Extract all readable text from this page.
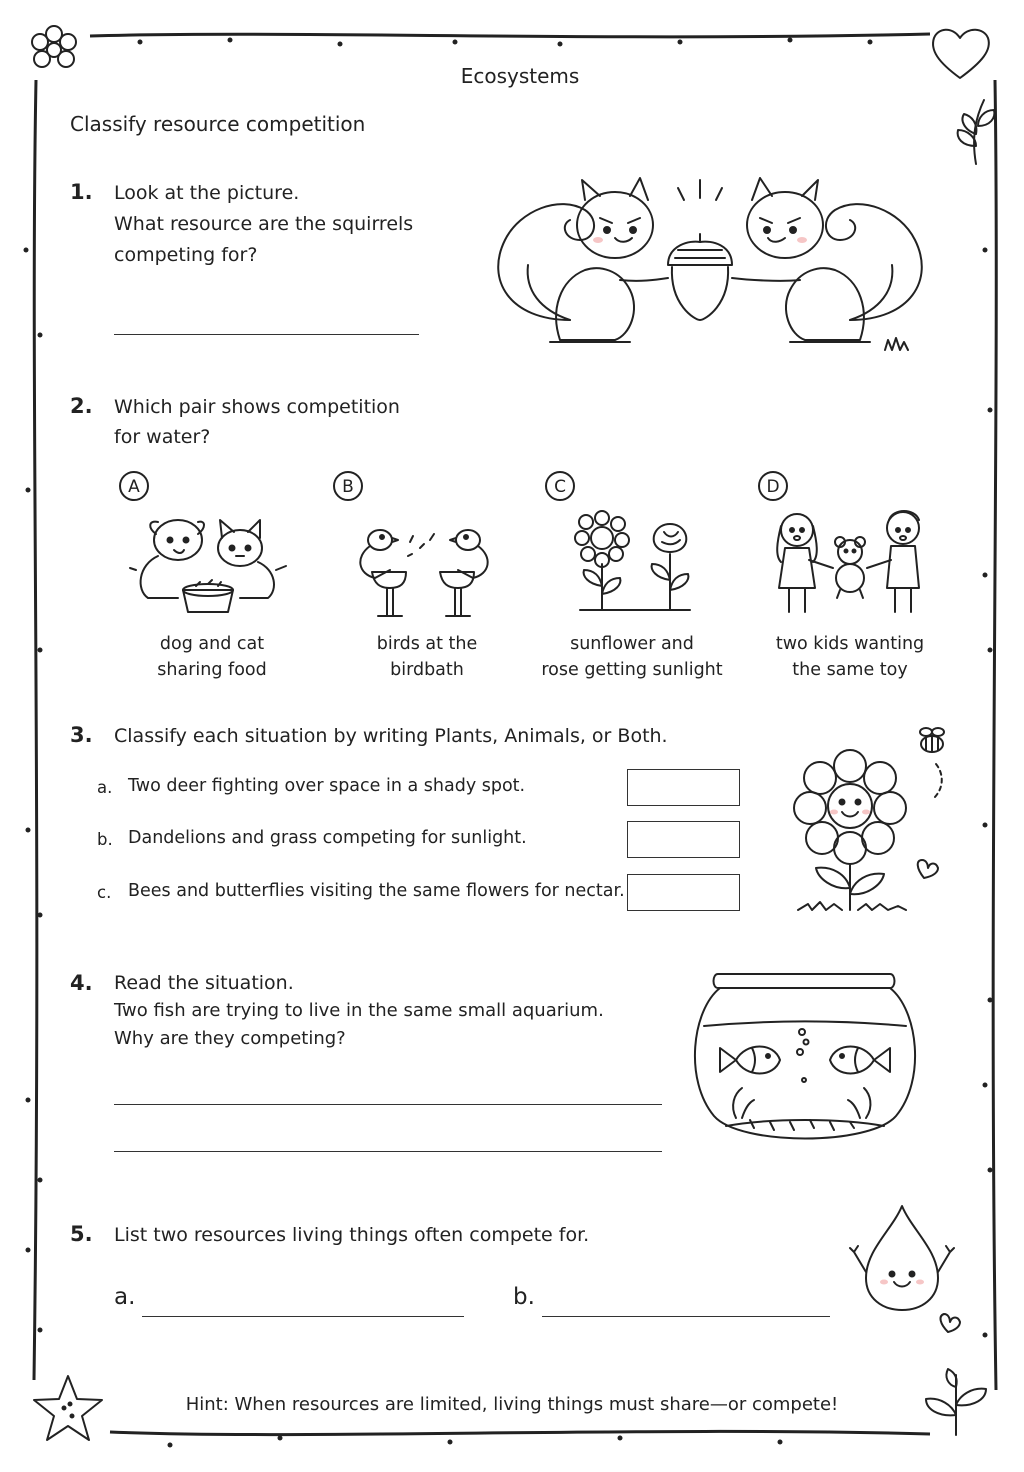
Ecosystems
Classify resource competition
1. Look at the picture.
What resource are the squirrels
competing for?
2. Which pair shows competition
for water?
A
dog and cat
sharing food
B
birds at the
birdbath
C
sunflower and
rose getting sunlight
D
two kids wanting
the same toy
3. Classify each situation by writing Plants, Animals, or Both.
a. Two deer fighting over space in a shady spot.
b. Dandelions and grass competing for sunlight.
c. Bees and butterflies visiting the same flowers for nectar.
4. Read the situation.
Two fish are trying to live in the same small aquarium.
Why are they competing?
5. List two resources living things often compete for.
a.	b.
Hint: When resources are limited, living things must share—or compete!
